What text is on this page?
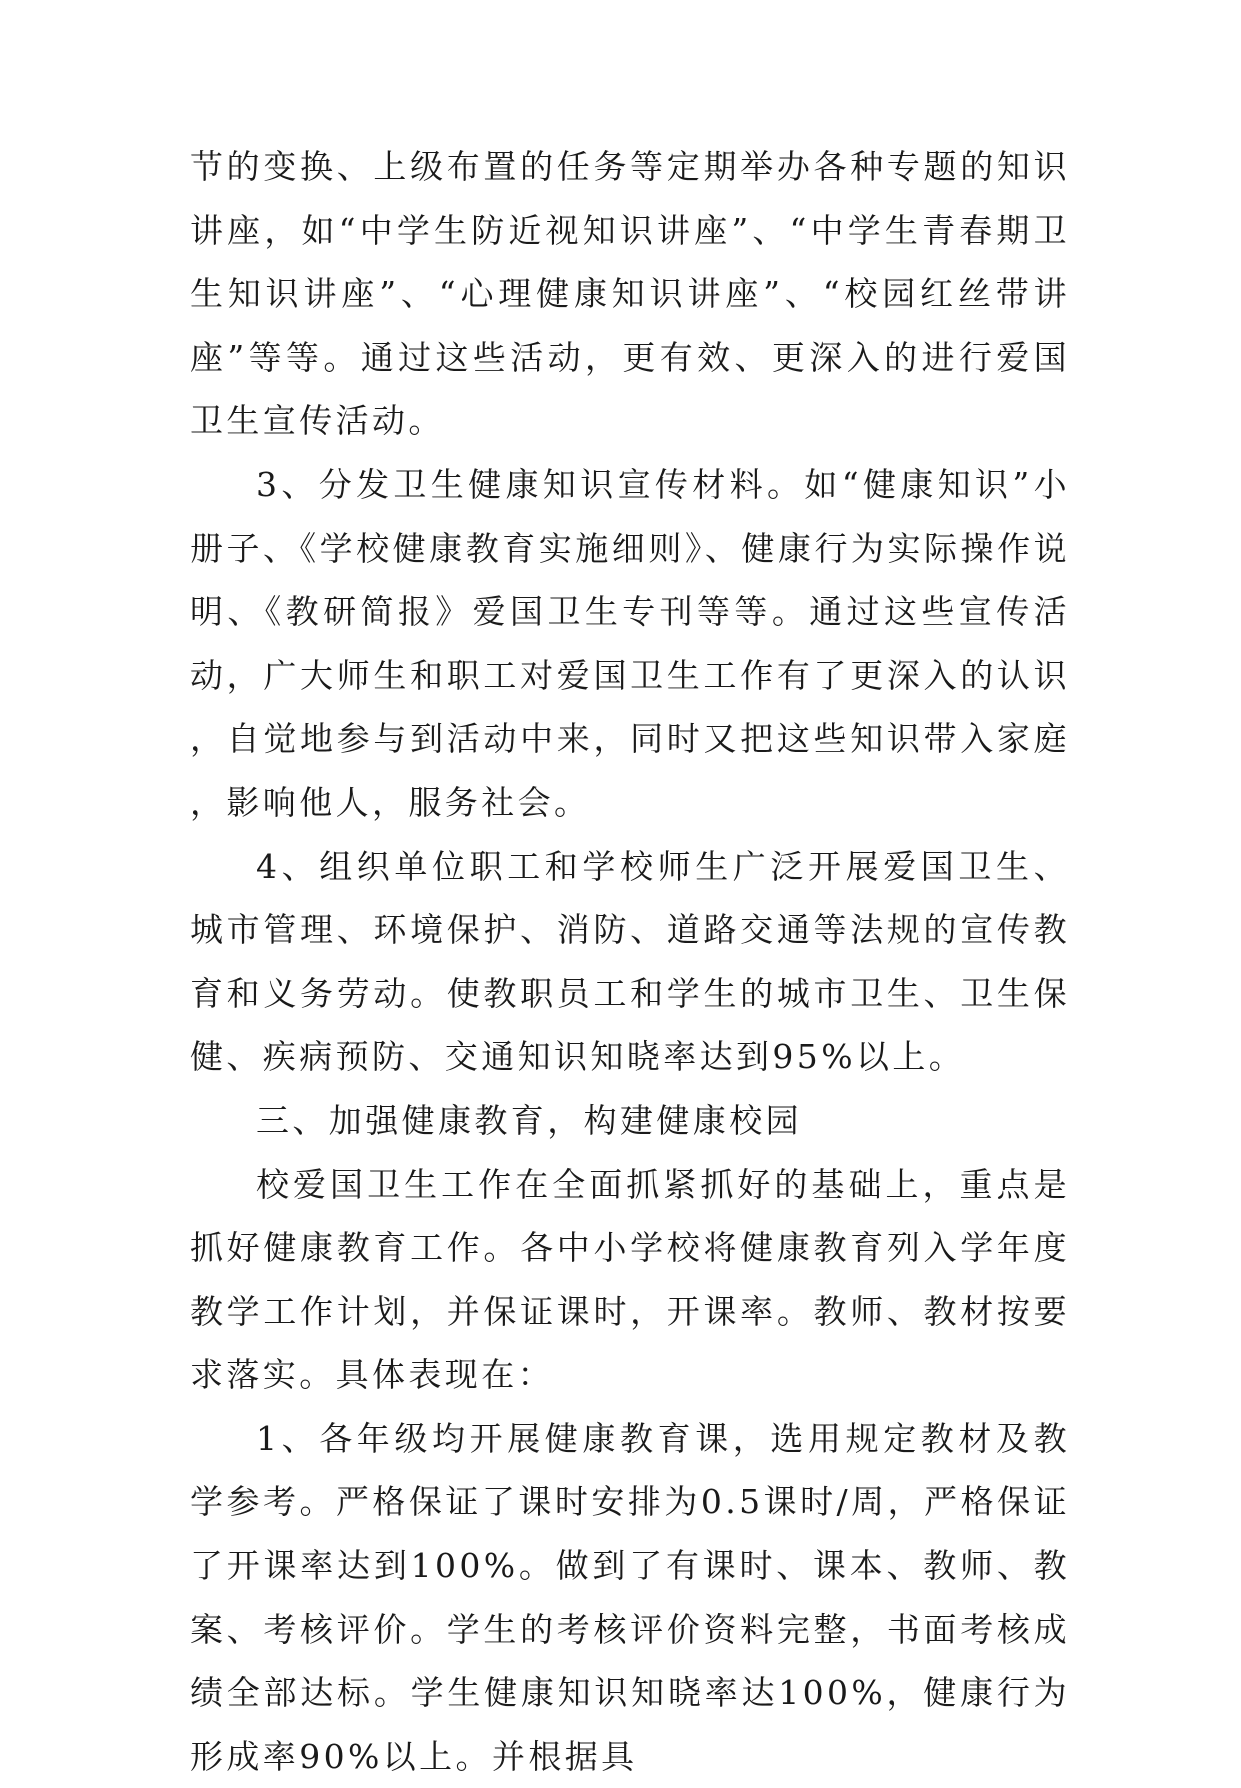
节的变换、上级布置的任务等定期举办各种专题的知识讲座，如“中学生防近视知识讲座”、“中学生青春期卫生知识讲座”、“心理健康知识讲座”、“校园红丝带讲座”等等。通过这些活动，更有效、更深入的进行爱国卫生宣传活动。

3、分发卫生健康知识宣传材料。如“健康知识”小册子、《学校健康教育实施细则》、健康行为实际操作说明、《教研简报》爱国卫生专刊等等。通过这些宣传活动，广大师生和职工对爱国卫生工作有了更深入的认识，自觉地参与到活动中来，同时又把这些知识带入家庭，影响他人，服务社会。

4、组织单位职工和学校师生广泛开展爱国卫生、城市管理、环境保护、消防、道路交通等法规的宣传教育和义务劳动。使教职员工和学生的城市卫生、卫生保健、疾病预防、交通知识知晓率达到95%以上。

三、加强健康教育，构建健康校园

校爱国卫生工作在全面抓紧抓好的基础上，重点是抓好健康教育工作。各中小学校将健康教育列入学年度教学工作计划，并保证课时，开课率。教师、教材按要求落实。具体表现在：

1、各年级均开展健康教育课，选用规定教材及教学参考。严格保证了课时安排为0.5课时/周，严格保证了开课率达到100%。做到了有课时、课本、教师、教案、考核评价。学生的考核评价资料完整，书面考核成绩全部达标。学生健康知识知晓率达100%，健康行为形成率90%以上。并根据具
